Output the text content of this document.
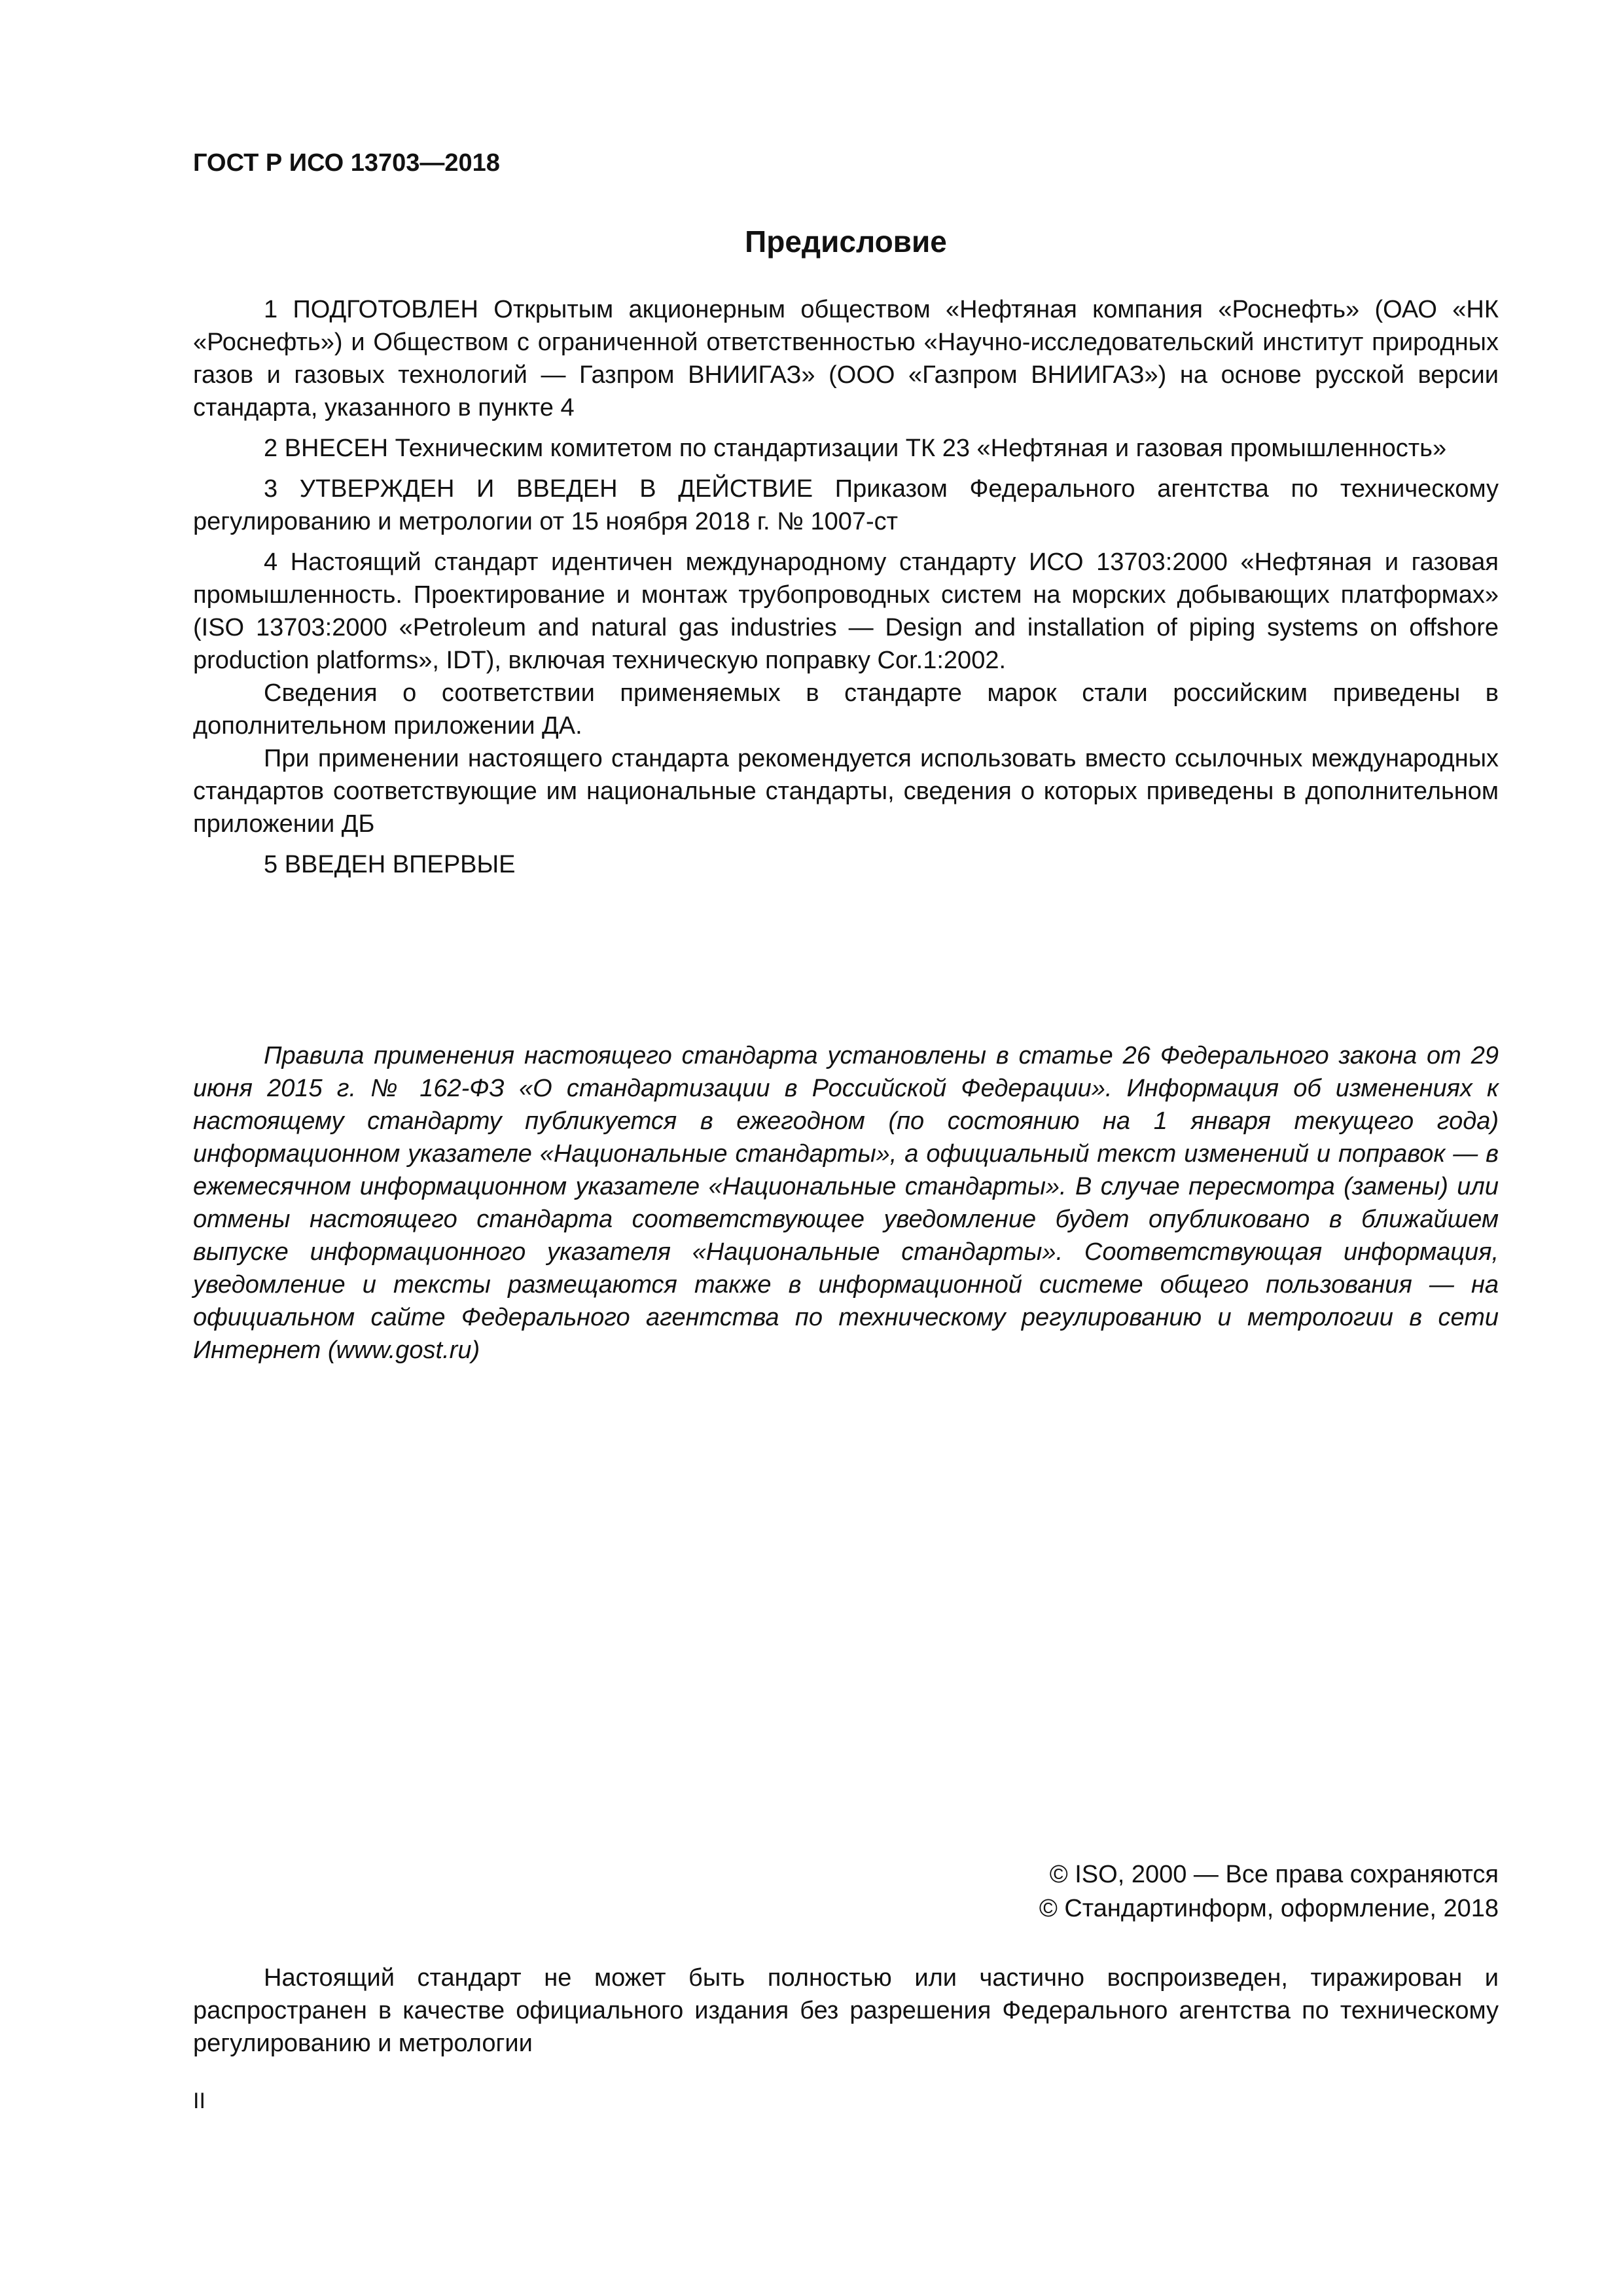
ГОСТ Р ИСО 13703—2018
Предисловие

1 ПОДГОТОВЛЕН Открытым акционерным обществом «Нефтяная компания «Роснефть» (ОАО «НК «Роснефть») и Обществом с ограниченной ответственностью «Научно-исследовательский институт природных газов и газовых технологий — Газпром ВНИИГАЗ» (ООО «Газпром ВНИИГАЗ») на основе русской версии стандарта, указанного в пункте 4

2 ВНЕСЕН Техническим комитетом по стандартизации ТК 23 «Нефтяная и газовая промышленность»

3 УТВЕРЖДЕН И ВВЕДЕН В ДЕЙСТВИЕ Приказом Федерального агентства по техническому регулированию и метрологии от 15 ноября 2018 г. № 1007-ст

4 Настоящий стандарт идентичен международному стандарту ИСО 13703:2000 «Нефтяная и газовая промышленность. Проектирование и монтаж трубопроводных систем на морских добывающих платформах» (ISO 13703:2000 «Petroleum and natural gas industries — Design and installation of piping systems on offshore production platforms», IDT), включая техническую поправку Cor.1:2002.

Сведения о соответствии применяемых в стандарте марок стали российским приведены в дополнительном приложении ДА.

При применении настоящего стандарта рекомендуется использовать вместо ссылочных международных стандартов соответствующие им национальные стандарты, сведения о которых приведены в дополнительном приложении ДБ

5 ВВЕДЕН ВПЕРВЫЕ

Правила применения настоящего стандарта установлены в статье 26 Федерального закона от 29 июня 2015 г. № 162-ФЗ «О стандартизации в Российской Федерации». Информация об изменениях к настоящему стандарту публикуется в ежегодном (по состоянию на 1 января текущего года) информационном указателе «Национальные стандарты», а официальный текст изменений и поправок — в ежемесячном информационном указателе «Национальные стандарты». В случае пересмотра (замены) или отмены настоящего стандарта соответствующее уведомление будет опубликовано в ближайшем выпуске информационного указателя «Национальные стандарты». Соответствующая информация, уведомление и тексты размещаются также в информационной системе общего пользования — на официальном сайте Федерального агентства по техническому регулированию и метрологии в сети Интернет (www.gost.ru)

© ISO, 2000 — Все права сохраняются
© Стандартинформ, оформление, 2018

Настоящий стандарт не может быть полностью или частично воспроизведен, тиражирован и распространен в качестве официального издания без разрешения Федерального агентства по техническому регулированию и метрологии

II
